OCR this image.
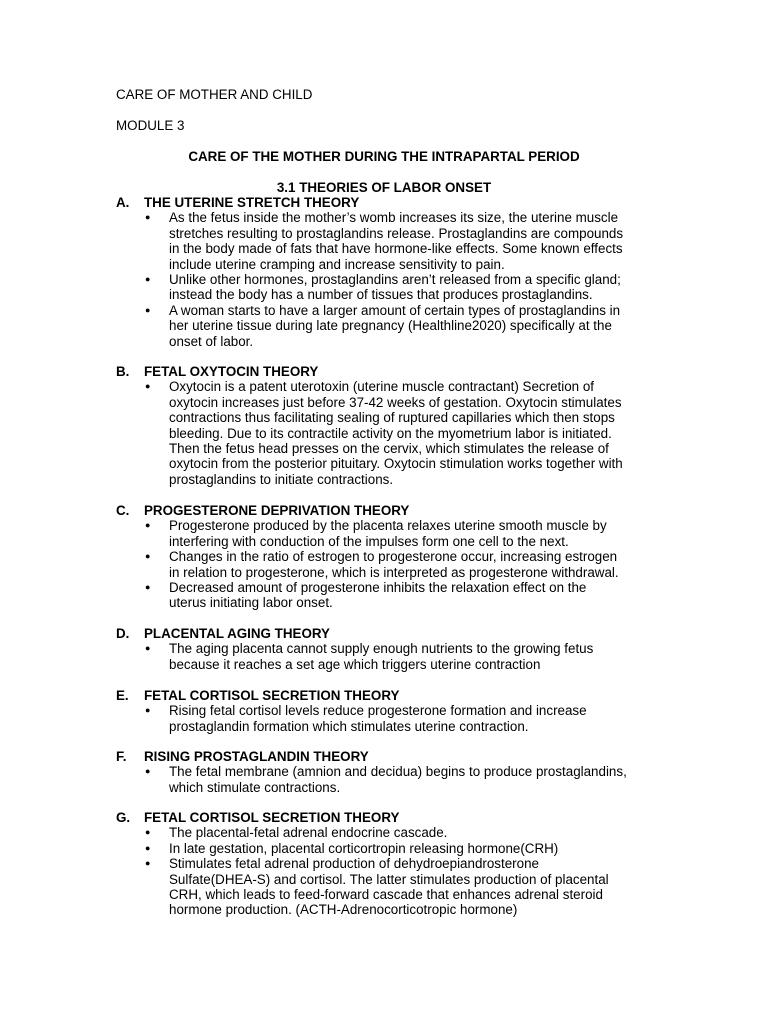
CARE OF MOTHER AND CHILD
MODULE 3
CARE OF THE MOTHER DURING THE INTRAPARTAL PERIOD
3.1 THEORIES OF LABOR ONSET
A. THE UTERINE STRETCH THEORY
● As the fetus inside the mother’s womb increases its size, the uterine muscle
stretches resulting to prostaglandins release. Prostaglandins are compounds
in the body made of fats that have hormone-like effects. Some known effects
include uterine cramping and increase sensitivity to pain.
● Unlike other hormones, prostaglandins aren’t released from a specific gland;
instead the body has a number of tissues that produces prostaglandins.
● A woman starts to have a larger amount of certain types of prostaglandins in
her uterine tissue during late pregnancy (Healthline2020) specifically at the
onset of labor.
B. FETAL OXYTOCIN THEORY
● Oxytocin is a patent uterotoxin (uterine muscle contractant) Secretion of
oxytocin increases just before 37-42 weeks of gestation. Oxytocin stimulates
contractions thus facilitating sealing of ruptured capillaries which then stops
bleeding. Due to its contractile activity on the myometrium labor is initiated.
Then the fetus head presses on the cervix, which stimulates the release of
oxytocin from the posterior pituitary. Oxytocin stimulation works together with
prostaglandins to initiate contractions.
C. PROGESTERONE DEPRIVATION THEORY
● Progesterone produced by the placenta relaxes uterine smooth muscle by
interfering with conduction of the impulses form one cell to the next.
● Changes in the ratio of estrogen to progesterone occur, increasing estrogen
in relation to progesterone, which is interpreted as progesterone withdrawal.
● Decreased amount of progesterone inhibits the relaxation effect on the
uterus initiating labor onset.
D. PLACENTAL AGING THEORY
● The aging placenta cannot supply enough nutrients to the growing fetus
because it reaches a set age which triggers uterine contraction
E. FETAL CORTISOL SECRETION THEORY
● Rising fetal cortisol levels reduce progesterone formation and increase
prostaglandin formation which stimulates uterine contraction.
F. RISING PROSTAGLANDIN THEORY
● The fetal membrane (amnion and decidua) begins to produce prostaglandins,
which stimulate contractions.
G. FETAL CORTISOL SECRETION THEORY
● The placental-fetal adrenal endocrine cascade.
● In late gestation, placental corticortropin releasing hormone(CRH)
● Stimulates fetal adrenal production of dehydroepiandrosterone
Sulfate(DHEA-S) and cortisol. The latter stimulates production of placental
CRH, which leads to feed-forward cascade that enhances adrenal steroid
hormone production. (ACTH-Adrenocorticotropic hormone)
